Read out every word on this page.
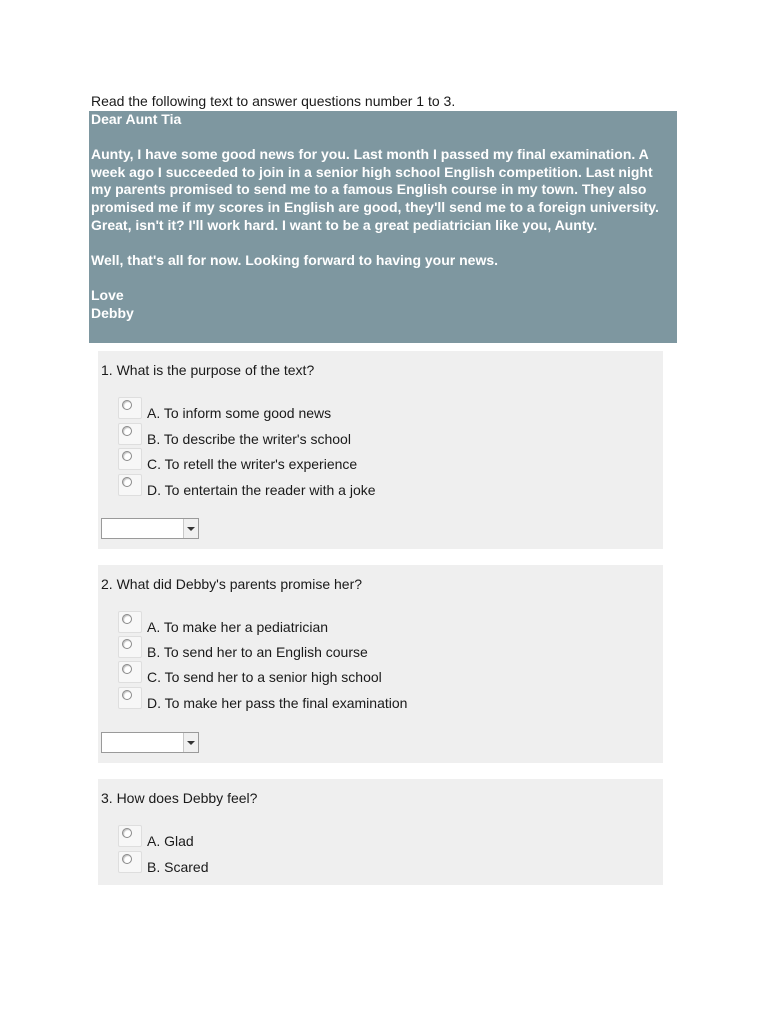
Read the following text to answer questions number 1 to 3.

Dear Aunt Tia

Aunty, I have some good news for you. Last month I passed my final examination. A week ago I succeeded to join in a senior high school English competition. Last night my parents promised to send me to a famous English course in my town. They also promised me if my scores in English are good, they'll send me to a foreign university. Great, isn't it? I'll work hard. I want to be a great pediatrician like you, Aunty.

Well, that's all for now. Looking forward to having your news.

Love

Debby

1. What is the purpose of the text?
A. To inform some good news
B. To describe the writer's school
C. To retell the writer's experience
D. To entertain the reader with a joke
2. What did Debby's parents promise her?
A. To make her a pediatrician
B. To send her to an English course
C. To send her to a senior high school
D. To make her pass the final examination
3. How does Debby feel?
A. Glad
B. Scared
